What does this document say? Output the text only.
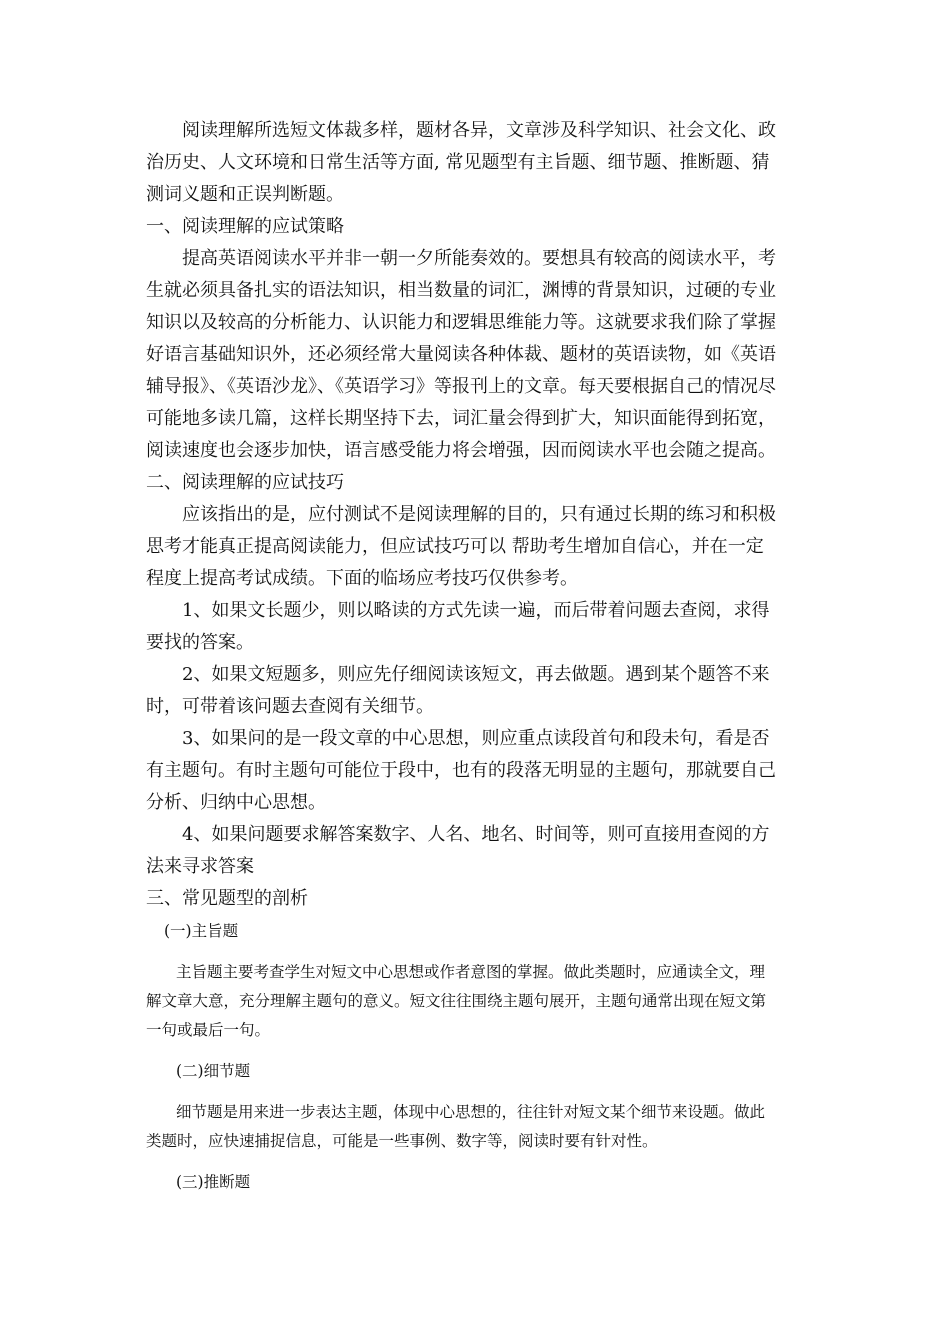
阅读理解所选短文体裁多样，题材各异，文章涉及科学知识、社会文化、政
治历史、人文环境和日常生活等方面, 常见题型有主旨题、细节题、推断题、猜
测词义题和正误判断题。
一、阅读理解的应试策略
提高英语阅读水平并非一朝一夕所能奏效的。要想具有较高的阅读水平，考
生就必须具备扎实的语法知识，相当数量的词汇，渊博的背景知识，过硬的专业
知识以及较高的分析能力、认识能力和逻辑思维能力等。这就要求我们除了掌握
好语言基础知识外，还必须经常大量阅读各种体裁、题材的英语读物，如《英语
辅导报》、《英语沙龙》、《英语学习》等报刊上的文章。每天要根据自己的情况尽
可能地多读几篇，这样长期坚持下去，词汇量会得到扩大，知识面能得到拓宽，
阅读速度也会逐步加快，语言感受能力将会增强，因而阅读水平也会随之提高。
二、阅读理解的应试技巧
应该指出的是，应付测试不是阅读理解的目的，只有通过长期的练习和积极
思考才能真正提高阅读能力，但应试技巧可以 帮助考生增加自信心，并在一定
程度上提高考试成绩。下面的临场应考技巧仅供参考。
1、如果文长题少，则以略读的方式先读一遍，而后带着问题去查阅，求得
要找的答案。
2、如果文短题多，则应先仔细阅读该短文，再去做题。遇到某个题答不来
时，可带着该问题去查阅有关细节。
3、如果问的是一段文章的中心思想，则应重点读段首句和段未句，看是否
有主题句。有时主题句可能位于段中，也有的段落无明显的主题句，那就要自己
分析、归纳中心思想。
4、如果问题要求解答案数字、人名、地名、时间等，则可直接用查阅的方
法来寻求答案
三、常见题型的剖析
(一)主旨题
主旨题主要考查学生对短文中心思想或作者意图的掌握。做此类题时，应通读全文，理
解文章大意，充分理解主题句的意义。短文往往围绕主题句展开，主题句通常出现在短文第
一句或最后一句。
(二)细节题
细节题是用来进一步表达主题，体现中心思想的，往往针对短文某个细节来设题。做此
类题时，应快速捕捉信息，可能是一些事例、数字等，阅读时要有针对性。
(三)推断题
